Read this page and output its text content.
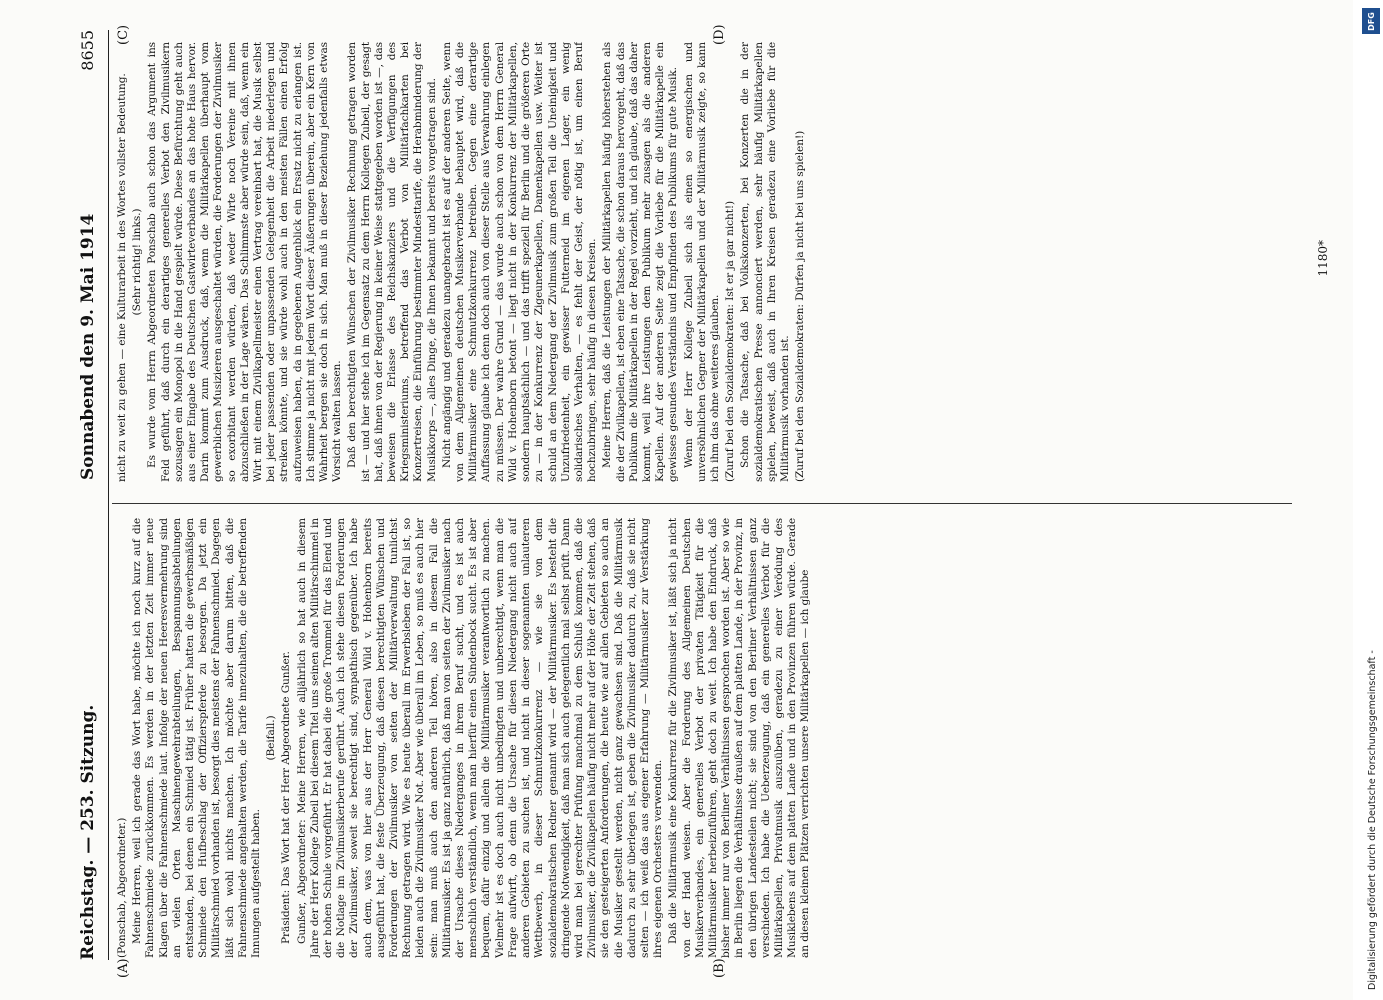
Reichstag. — 253. Sitzung.
Sonnabend den 9. Mai 1914
8655
(A)	(B)
(C)	(D)

(Ponschab, Abgeordneter.) Meine Herren, weil ich gerade das Wort habe, möchte ich noch kurz auf die Fahnenschmiede zurückkommen. Es werden in der letzten Zeit immer neue Klagen über die Fahnenschmiede laut. Infolge der neuen Heeresvermehrung sind an vielen Orten Maschinengewehrabteilungen, Bespannungsabteilungen entstanden, bei denen ein Schmied tätig ist. Früher hatten die gewerbsmäßigen Schmiede den Hufbeschlag der Offizierspferde zu besorgen. Da jetzt ein Militärschmied vorhanden ist, besorgt dies meistens der Fahnenschmied. Dagegen läßt sich wohl nichts machen. Ich möchte aber darum bitten, daß die Fahnenschmiede angehalten werden, die Tarife innezuhalten, die die betreffenden Innungen aufgestellt haben.

(Beifall.) Präsident: Das Wort hat der Herr Abgeordnete Gunßer. Gunßer, Abgeordneter: Meine Herren, wie alljährlich so hat auch in diesem Jahre der Herr Kollege Zubeil bei diesem Titel uns seinen alten Militärschimmel in der hohen Schule vorgeführt. Er hat dabei die große Trommel für das Elend und die Notlage im Zivilmusikerberufe gerührt. Auch ich stehe diesen Forderungen der Zivilmusiker, soweit sie berechtigt sind, sympathisch gegenüber. Ich habe auch dem, was von hier aus der Herr General Wild v. Hohenborn bereits ausgeführt hat, die feste Überzeugung, daß diesen berechtigten Wünschen und Forderungen der Zivilmusiker von seiten der Militärverwaltung tunlichst Rechnung getragen wird. Wie es heute überall im Erwerbsleben der Fall ist, so leiden auch die Zivilmusiker Not. Aber wie überall im Leben, so muß es auch hier sein: man muß auch den anderen Teil hören, also in diesem Fall die Militärmusiker. Es ist ja ganz natürlich, daß man von seiten der Zivilmusiker nach der Ursache dieses Niederganges in ihrem Beruf sucht, und es ist auch menschlich verständlich, wenn man hierfür einen Sündenbock sucht. Es ist aber bequem, dafür einzig und allein die Militärmusiker verantwortlich zu machen. Vielmehr ist es doch auch nicht unbedingten und unberechtigt, wenn man die Frage aufwirft, ob denn die Ursache für diesen Niedergang nicht auch auf anderen Gebieten zu suchen ist, und nicht in dieser sogenannten unlauteren Wettbewerb, in dieser Schmutzkonkurrenz — wie sie von dem sozialdemokratischen Redner genannt wird — der Militärmusiker. Es besteht die dringende Notwendigkeit, daß man sich auch gelegentlich mal selbst prüft. Dann wird man bei gerechter Prüfung manchmal zu dem Schluß kommen, daß die Zivilmusiker, die Zivilkapellen häufig nicht mehr auf der Höhe der Zeit stehen, daß sie den gesteigerten Anforderungen, die heute wie auf allen Gebieten so auch an die Musiker gestellt werden, nicht ganz gewachsen sind. Daß die Militärmusik dadurch zu sehr überlegen ist, geben die Zivilmusiker dadurch zu, daß sie nicht selten — ich weiß das aus eigener Erfahrung — Militärmusiker zur Verstärkung ihres eigenen Orchesters verwenden. Daß die Militärmusik eine Konkurrenz für die Zivilmusiker ist, läßt sich ja nicht von der Hand weisen. Aber die Forderung des Allgemeinen Deutschen Musikerverbandes, ein generelles Verbot der privaten Tätigkeit für die Militärmusiker herbeizuführen, geht doch zu weit. Ich habe den Eindruck, daß bisher immer nur von Berliner Verhältnissen gesprochen worden ist. Aber so wie in Berlin liegen die Verhältnisse draußen auf dem platten Lande, in der Provinz, in den übrigen Landesteilen nicht; sie sind von den Berliner Verhältnissen ganz verschieden. Ich habe die Ueberzeugung, daß ein generelles Verbot für die Militärkapellen, Privatmusik auszuüben, geradezu zu einer Verödung des Musiklebens auf dem platten Lande und in den Provinzen führen würde. Gerade an diesen kleinen Plätzen verrichten unsere Militärkapellen — ich glaube

nicht zu weit zu gehen — eine Kulturarbeit in des Wortes vollster Bedeutung. (Sehr richtig! links.) Es wurde vom Herrn Abgeordneten Ponschab auch schon das Argument ins Feld geführt, daß durch ein derartiges generelles Verbot den Zivilmusikern sozusagen ein Monopol in die Hand gespielt würde. Diese Befürchtung geht auch aus einer Eingabe des Deutschen Gastwirteverbandes an das hohe Haus hervor. Darin kommt zum Ausdruck, daß, wenn die Militärkapellen überhaupt vom gewerblichen Musizieren ausgeschaltet würden, die Forderungen der Zivilmusiker so exorbitant werden würden, daß weder Wirte noch Vereine mit ihnen abzuschließen in der Lage wären. Das Schlimmste aber würde sein, daß, wenn ein Wirt mit einem Zivilkapellmeister einen Vertrag vereinbart hat, die Musik selbst bei jeder passenden oder unpassenden Gelegenheit die Arbeit niederlegen und streiken könnte, und sie würde wohl auch in den meisten Fällen einen Erfolg aufzuweisen haben, da in gegebenen Augenblick ein Ersatz nicht zu erlangen ist. Ich stimme ja nicht mit jedem Wort dieser Äußerungen überein, aber ein Kern von Wahrheit bergen sie doch in sich. Man muß in dieser Beziehung jedenfalls etwas Vorsicht walten lassen. Daß den berechtigten Wünschen der Zivilmusiker Rechnung getragen worden ist — und hier stehe ich im Gegensatz zu dem Herrn Kollegen Zubeil, der gesagt hat, daß ihnen von der Regierung in keiner Weise stattgegeben worden ist —, das beweisen die Erlasse des Reichskanzlers und die Verfügungen des Kriegsministeriums, betreffend das Verbot von Militärfachkarten bei Konzertreisen, die Einführung bestimmter Mindesttarife, die Herabminderung der Musikkorps —, alles Dinge, die Ihnen bekannt und bereits vorgetragen sind. Nicht angängig und geradezu unangebracht ist es auf der anderen Seite, wenn von dem Allgemeinen deutschen Musikerverbande behauptet wird, daß die Militärmusiker eine Schmutzkonkurrenz betreiben. Gegen eine derartige Auffassung glaube ich denn doch auch von dieser Stelle aus Verwahrung einlegen zu müssen. Der wahre Grund — das wurde auch schon von dem Herrn General Wild v. Hohenborn betont — liegt nicht in der Konkurrenz der Militärkapellen, sondern hauptsächlich — und das trifft speziell für Berlin und die größeren Orte zu — in der Konkurrenz der Zigeunerkapellen, Damenkapellen usw. Weiter ist schuld an dem Niedergang der Zivilmusik zum großen Teil die Uneinigkeit und Unzufriedenheit, ein gewisser Futterneid im eigenen Lager, ein wenig solidarisches Verhalten, — es fehlt der Geist, der nötig ist, um einen Beruf hochzubringen, sehr häufig in diesen Kreisen. Meine Herren, daß die Leistungen der Militärkapellen häufig höherstehen als die der Zivilkapellen, ist eben eine Tatsache, die schon daraus hervorgeht, daß das Publikum die Militärkapellen in der Regel vorzieht, und ich glaube, daß das daher kommt, weil ihre Leistungen dem Publikum mehr zusagen als die anderen Kapellen. Auf der anderen Seite zeigt die Vorliebe für die Militärkapelle ein gewisses gesundes Verständnis und Empfinden des Publikums für gute Musik. Wenn der Herr Kollege Zubeil sich als einen so energischen und unversöhnlichen Gegner der Militärkapellen und der Militärmusik zeigte, so kann ich ihm das ohne weiteres glauben. (Zuruf bei den Sozialdemokraten: Ist er ja gar nicht!) Schon die Tatsache, daß bei Volkskonzerten, bei Konzerten die in der sozialdemokratischen Presse annonciert werden, sehr häufig Militärkapellen spielen, beweist, daß auch in Ihren Kreisen geradezu eine Vorliebe für die Militärmusik vorhanden ist. (Zuruf bei den Sozialdemokraten: Dürfen ja nicht bei uns spielen!)	1180*
DFG
Digitalisierung gefördert durch die Deutsche Forschungsgemeinschaft -
